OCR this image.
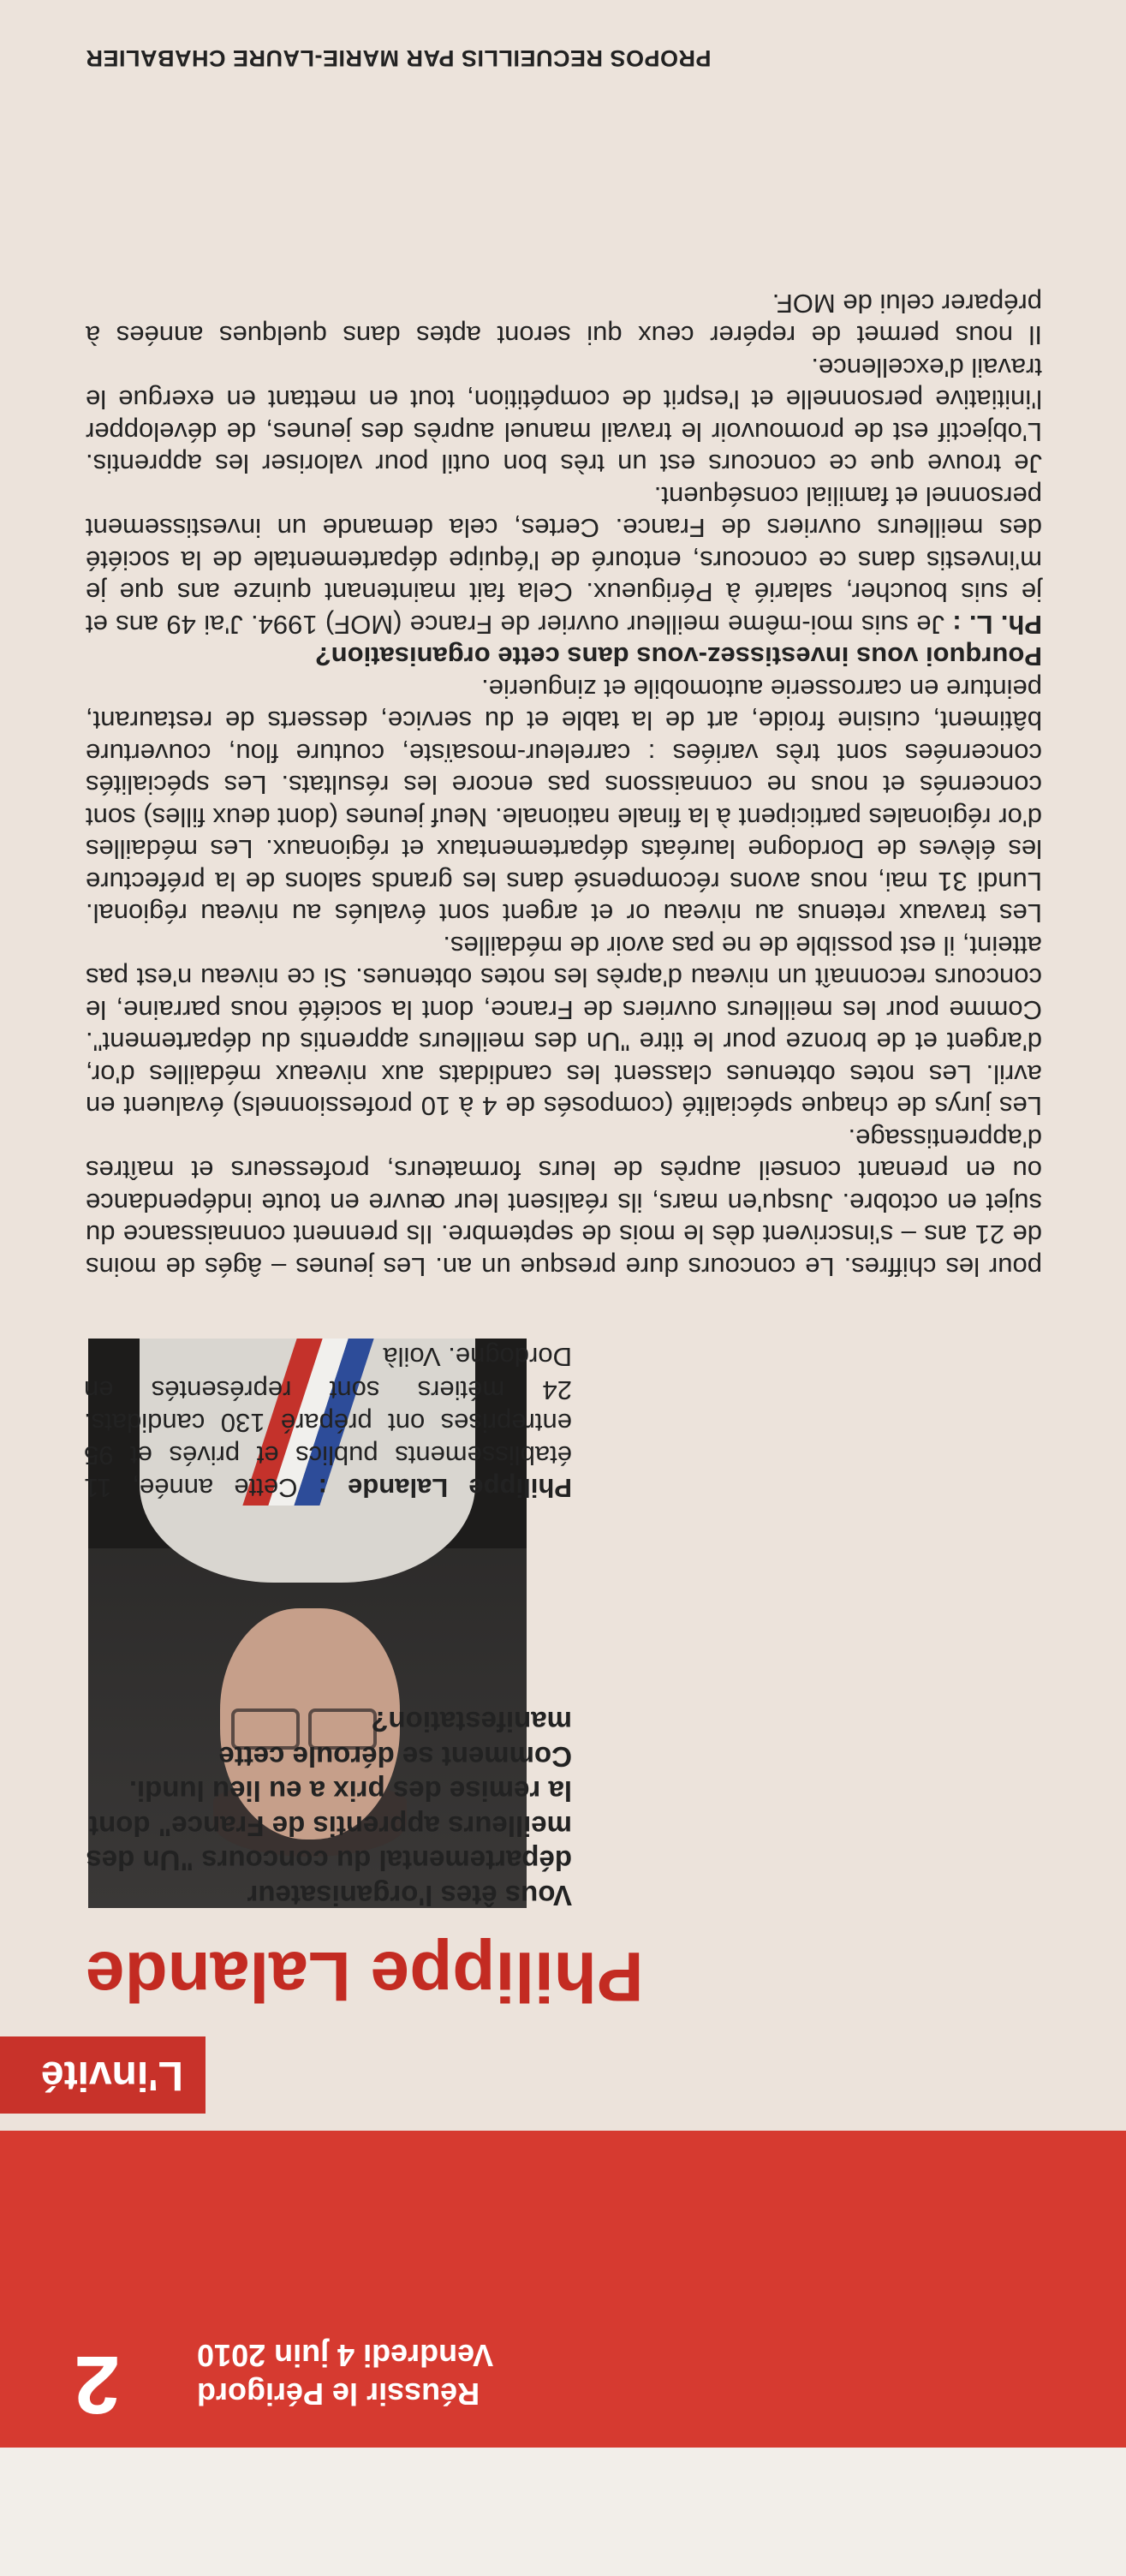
2	Réussir le Périgord
Vendredi 4 juin 2010
L'invité
Philippe Lalande
Vous êtes l'organisateur départemental du concours "Un des meilleurs apprentis de France" dont la remise des prix a eu lieu lundi. Comment se déroule cette manifestation?
Philippe Lalande : Cette année, 11 établissements publics et privés et 95 entreprises ont préparé 130 candidats. 24 métiers sont représentés en Dordogne. Voilà

pour les chiffres. Le concours dure presque un an. Les jeunes – âgés de moins de 21 ans – s'inscrivent dès le mois de septembre. Ils prennent connaissance du sujet en octobre. Jusqu'en mars, ils réalisent leur œuvre en toute indépendance ou en prenant conseil auprès de leurs formateurs, professeurs et maîtres d'apprentissage.

Les jurys de chaque spécialité (composés de 4 à 10 professionnels) évaluent en avril. Les notes obtenues classent les candidats aux niveaux médailles d'or, d'argent et de bronze pour le titre "Un des meilleurs apprentis du département". Comme pour les meilleurs ouvriers de France, dont la société nous parraine, le concours reconnaît un niveau d'après les notes obtenues. Si ce niveau n'est pas atteint, il est possible de ne pas avoir de médailles.

Les travaux retenus au niveau or et argent sont évalués au niveau régional. Lundi 31 mai, nous avons récompensé dans les grands salons de la préfecture les élèves de Dordogne lauréats départementaux et régionaux. Les médailles d'or régionales participent à la finale nationale. Neuf jeunes (dont deux filles) sont concernés et nous ne connaissons pas encore les résultats. Les spécialités concernées sont très variées : carreleur-mosaïste, couture flou, couverture bâtiment, cuisine froide, art de la table et du service, desserts de restaurant, peinture en carrosserie automobile et zinguerie.

Pourquoi vous investissez-vous dans cette organisation?

Ph. L. : Je suis moi-même meilleur ouvrier de France (MOF) 1994. J'ai 49 ans et je suis boucher, salarié à Périgueux. Cela fait maintenant quinze ans que je m'investis dans ce concours, entouré de l'équipe départementale de la société des meilleurs ouvriers de France. Certes, cela demande un investissement personnel et familial conséquent.

Je trouve que ce concours est un très bon outil pour valoriser les apprentis. L'objectif est de promouvoir le travail manuel auprès des jeunes, de développer l'initiative personnelle et l'esprit de compétition, tout en mettant en exergue le travail d'excellence.

Il nous permet de repérer ceux qui seront aptes dans quelques années à préparer celui de MOF.

PROPOS RECUEILLIS PAR MARIE-LAURE CHABALIER
